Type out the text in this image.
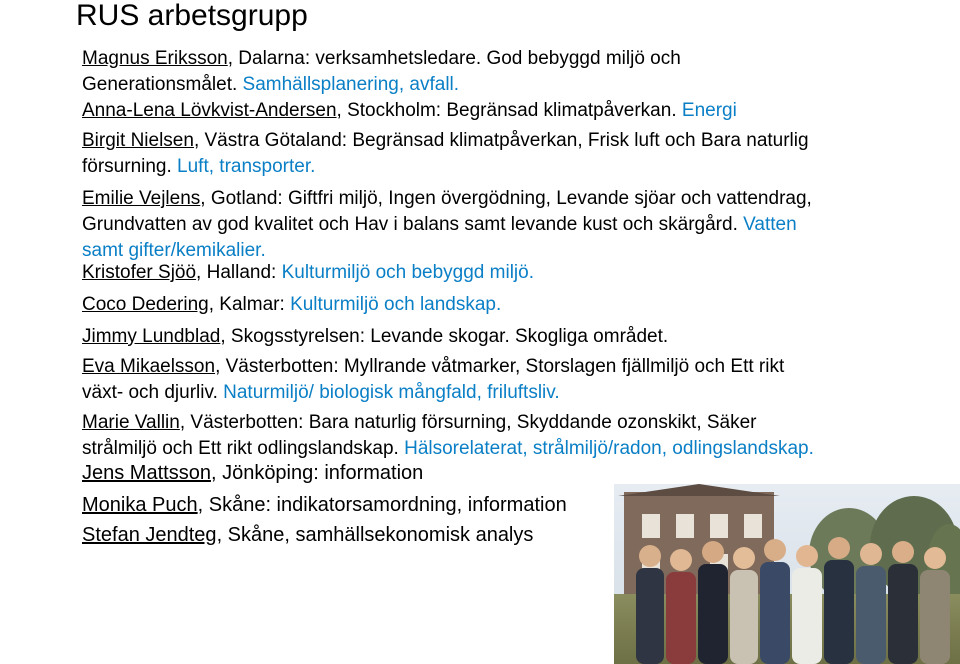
RUS arbetsgrupp
Magnus Eriksson, Dalarna: verksamhetsledare. God bebyggd miljö och
Generationsmålet. Samhällsplanering, avfall.
Anna-Lena Lövkvist-Andersen, Stockholm: Begränsad klimatpåverkan. Energi
Birgit Nielsen, Västra Götaland: Begränsad klimatpåverkan, Frisk luft och Bara naturlig
försurning. Luft, transporter.
Emilie Vejlens, Gotland: Giftfri miljö, Ingen övergödning, Levande sjöar och vattendrag,
Grundvatten av god kvalitet och Hav i balans samt levande kust och skärgård. Vatten
samt gifter/kemikalier.
Kristofer Sjöö, Halland: Kulturmiljö och bebyggd miljö.
Coco Dedering, Kalmar: Kulturmiljö och landskap.
Jimmy Lundblad, Skogsstyrelsen: Levande skogar. Skogliga området.
Eva Mikaelsson, Västerbotten: Myllrande våtmarker, Storslagen fjällmiljö och Ett rikt
växt- och djurliv. Naturmiljö/ biologisk mångfald, friluftsliv.
Marie Vallin, Västerbotten: Bara naturlig försurning, Skyddande ozonskikt, Säker
strålmiljö och Ett rikt odlingslandskap. Hälsorelaterat, strålmiljö/radon, odlingslandskap.
Jens Mattsson, Jönköping: information
Monika Puch, Skåne: indikatorsamordning, information
Stefan Jendteg, Skåne, samhällsekonomisk analys
